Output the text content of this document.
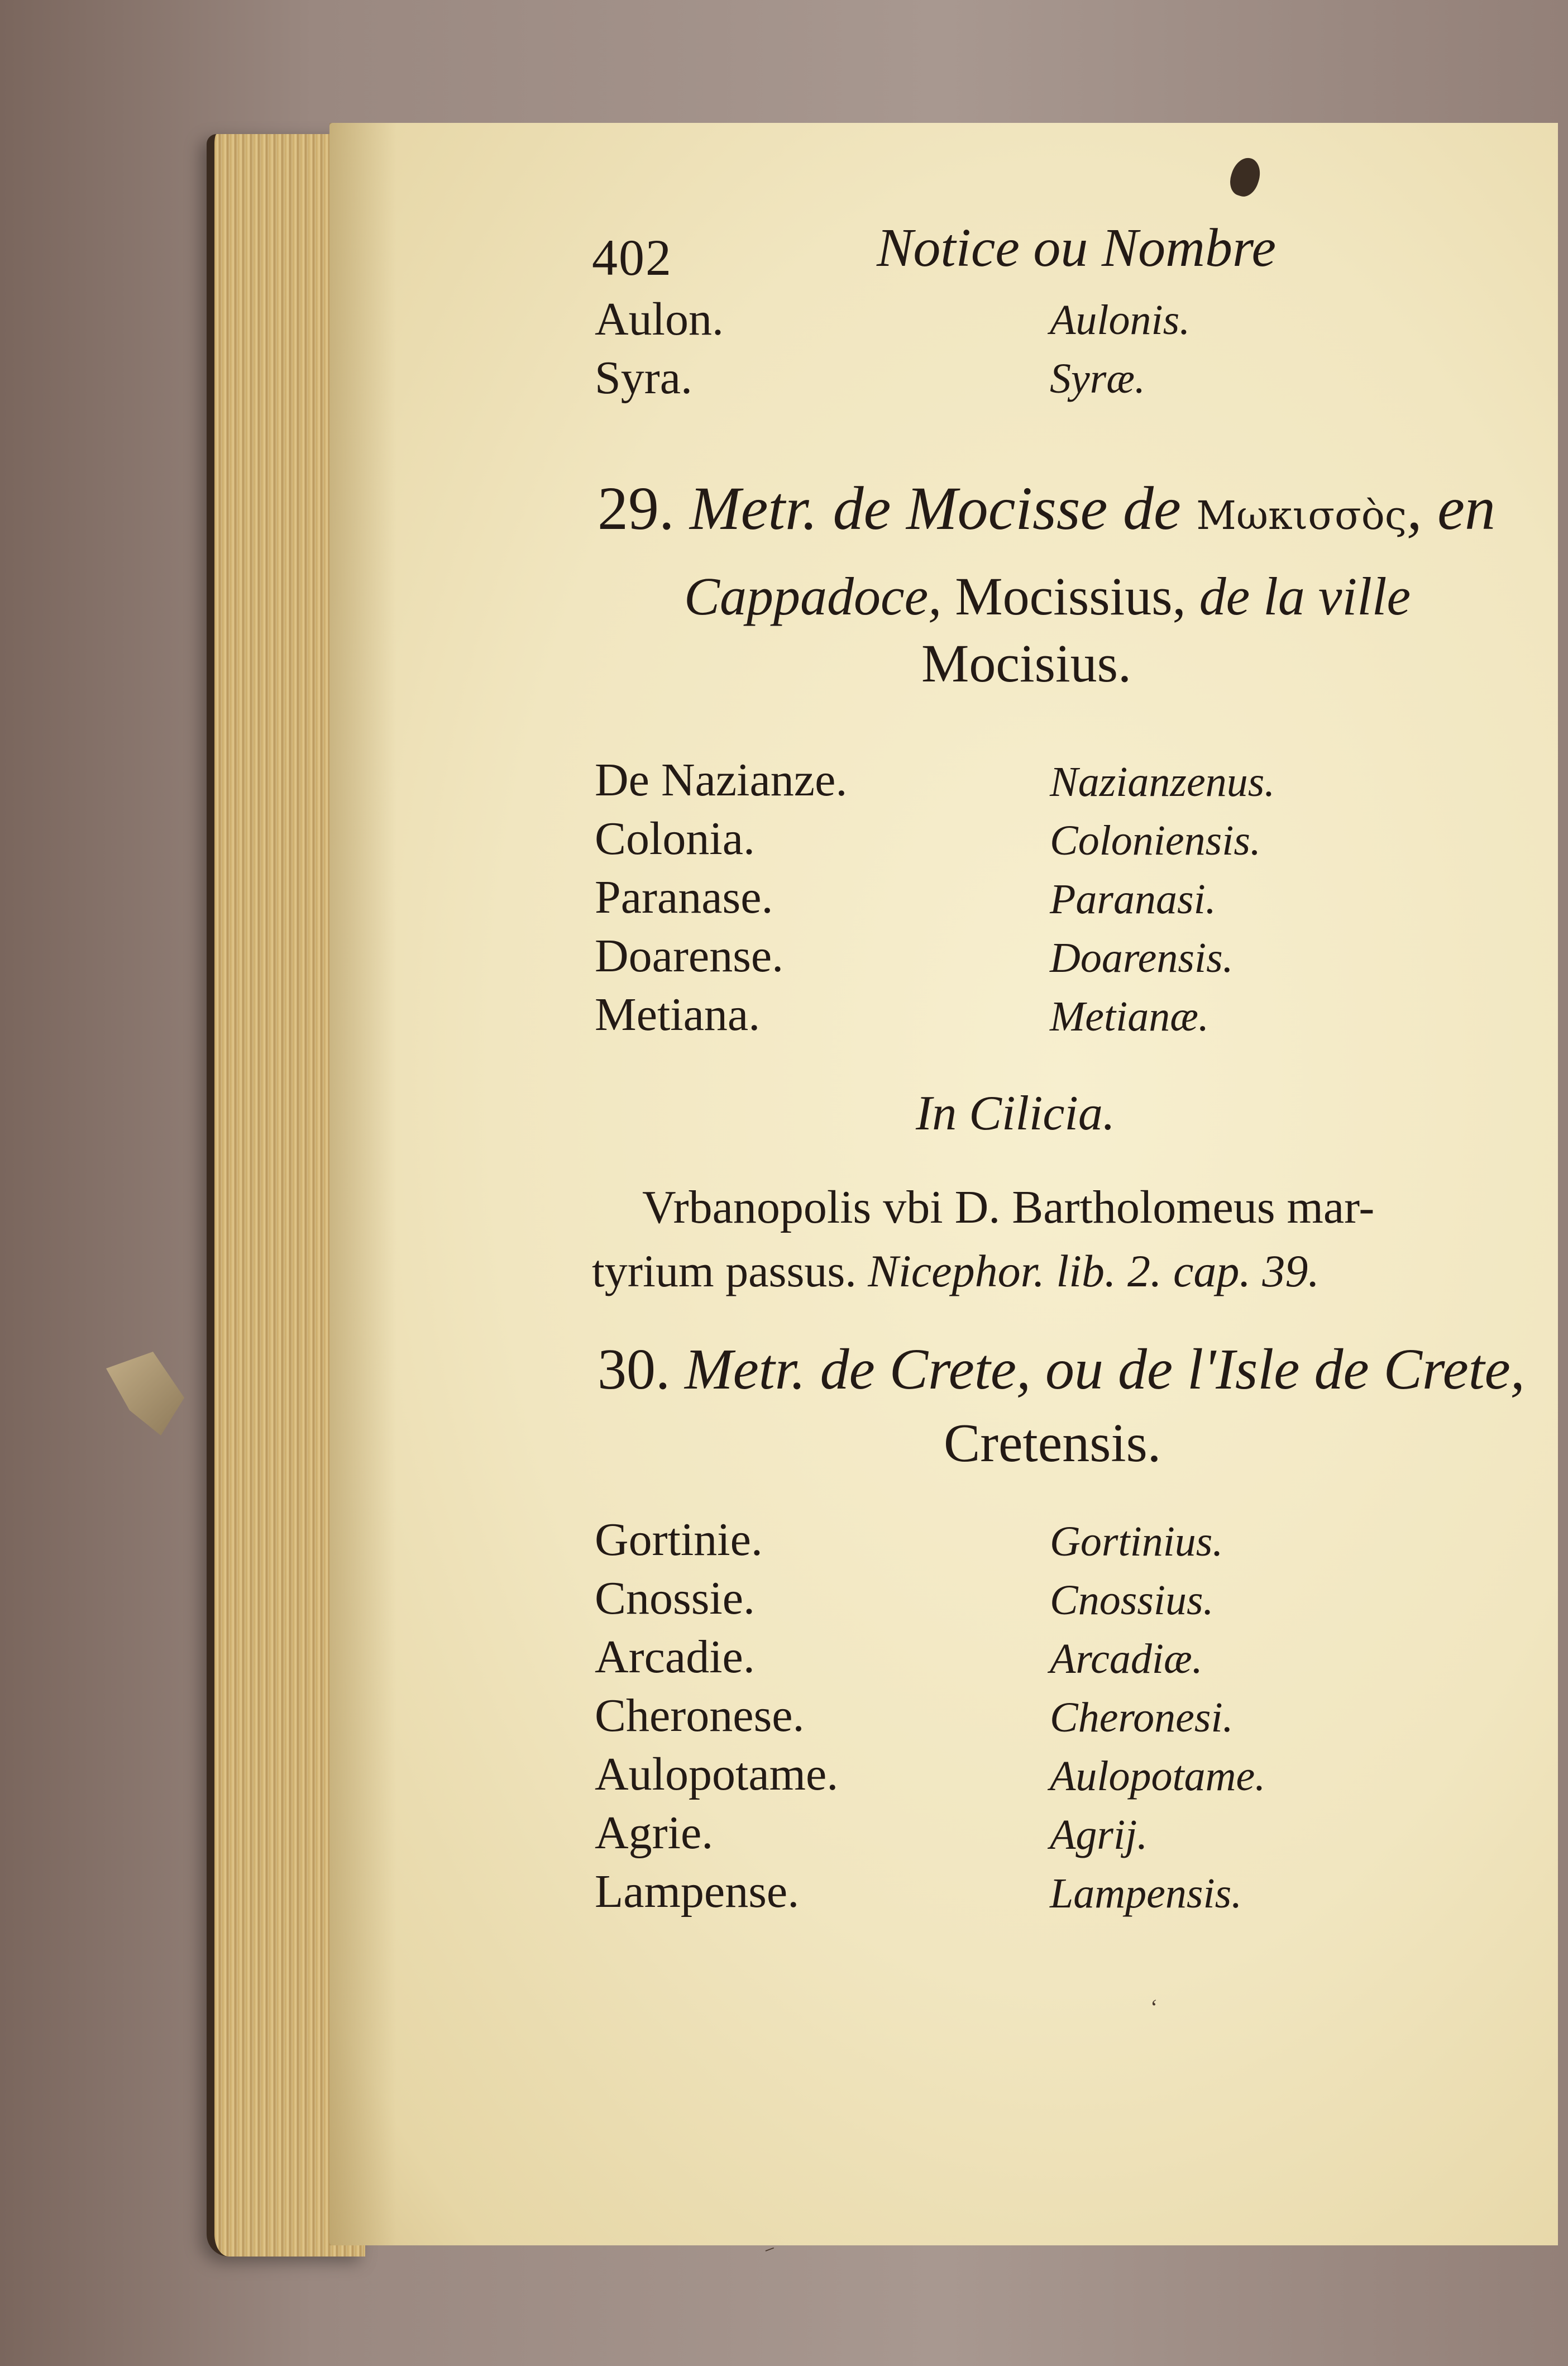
402	Notice ou Nombre
Aulon.	Aulonis.
Syra.	Syræ.
29. Metr. de Mocisse de Μωκισσὸς, en
Cappadoce, Mocissius, de la ville
Mocisius.
De Nazianze.	Nazianzenus.
Colonia.	Coloniensis.
Paranase.	Paranasi.
Doarense.	Doarensis.
Metiana.	Metianæ.
In Cilicia.
Vrbanopolis vbi D. Bartholomeus mar-
tyrium passus. Nicephor. lib. 2. cap. 39.
30. Metr. de Crete, ou de l'Isle de Crete,
Cretensis.
Gortinie.	Gortinius.
Cnossie.	Cnossius.
Arcadie.	Arcadiæ.
Cheronese.	Cheronesi.
Aulopotame.	Aulopotame.
Agrie.	Agrij.
Lampense.	Lampensis.
⁻
‘
